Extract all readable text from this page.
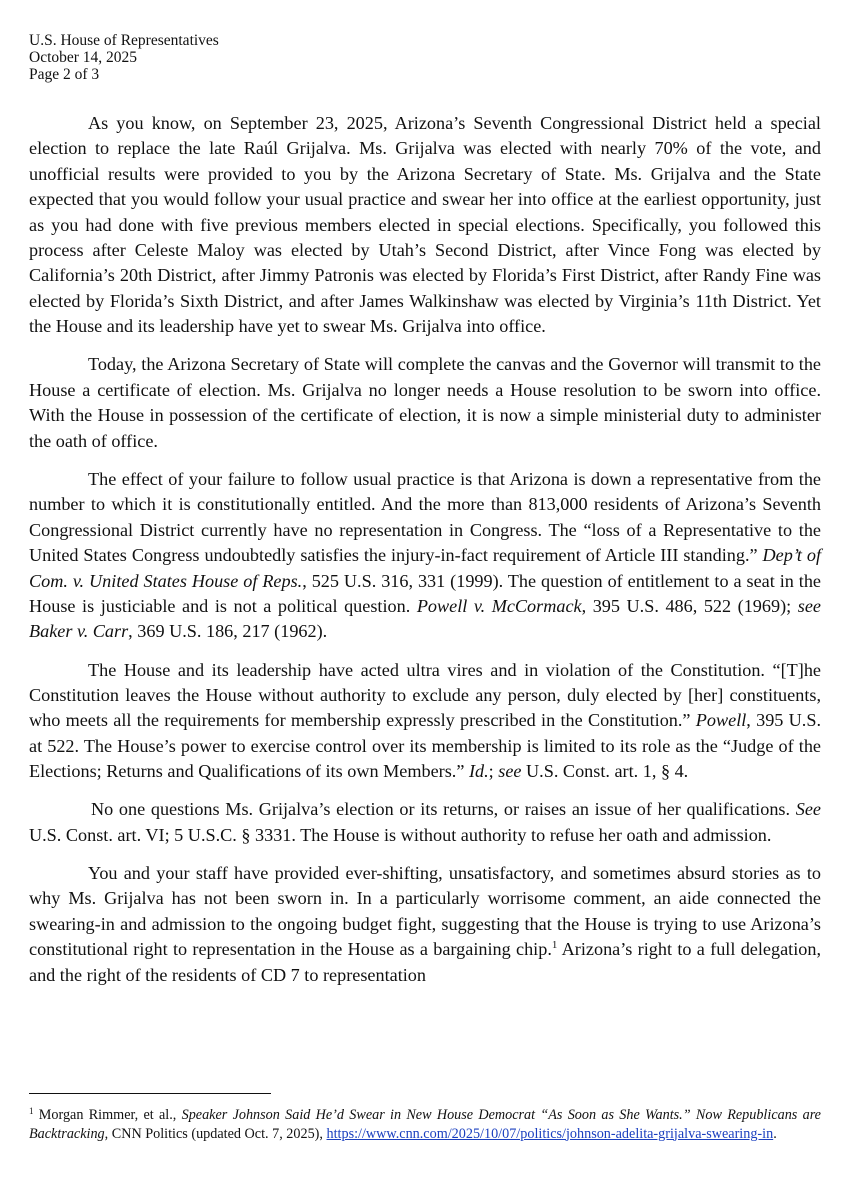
U.S. House of Representatives
October 14, 2025
Page 2 of 3

As you know, on September 23, 2025, Arizona’s Seventh Congressional District held a special election to replace the late Raúl Grijalva. Ms. Grijalva was elected with nearly 70% of the vote, and unofficial results were provided to you by the Arizona Secretary of State. Ms. Grijalva and the State expected that you would follow your usual practice and swear her into office at the earliest opportunity, just as you had done with five previous members elected in special elections. Specifically, you followed this process after Celeste Maloy was elected by Utah’s Second District, after Vince Fong was elected by California’s 20th District, after Jimmy Patronis was elected by Florida’s First District, after Randy Fine was elected by Florida’s Sixth District, and after James Walkinshaw was elected by Virginia’s 11th District. Yet the House and its leadership have yet to swear Ms. Grijalva into office.

Today, the Arizona Secretary of State will complete the canvas and the Governor will transmit to the House a certificate of election. Ms. Grijalva no longer needs a House resolution to be sworn into office. With the House in possession of the certificate of election, it is now a simple ministerial duty to administer the oath of office.

The effect of your failure to follow usual practice is that Arizona is down a representative from the number to which it is constitutionally entitled. And the more than 813,000 residents of Arizona’s Seventh Congressional District currently have no representation in Congress. The “loss of a Representative to the United States Congress undoubtedly satisfies the injury-in-fact requirement of Article III standing.” Dep’t of Com. v. United States House of Reps., 525 U.S. 316, 331 (1999). The question of entitlement to a seat in the House is justiciable and is not a political question. Powell v. McCormack, 395 U.S. 486, 522 (1969); see Baker v. Carr, 369 U.S. 186, 217 (1962).

The House and its leadership have acted ultra vires and in violation of the Constitution. “[T]he Constitution leaves the House without authority to exclude any person, duly elected by [her] constituents, who meets all the requirements for membership expressly prescribed in the Constitution.” Powell, 395 U.S. at 522. The House’s power to exercise control over its membership is limited to its role as the “Judge of the Elections; Returns and Qualifications of its own Members.” Id.; see U.S. Const. art. 1, § 4.

No one questions Ms. Grijalva’s election or its returns, or raises an issue of her qualifications. See U.S. Const. art. VI; 5 U.S.C. § 3331. The House is without authority to refuse her oath and admission.

You and your staff have provided ever-shifting, unsatisfactory, and sometimes absurd stories as to why Ms. Grijalva has not been sworn in. In a particularly worrisome comment, an aide connected the swearing-in and admission to the ongoing budget fight, suggesting that the House is trying to use Arizona’s constitutional right to representation in the House as a bargaining chip.$^1$ Arizona’s right to a full delegation, and the right of the residents of CD 7 to representation

$^1$ Morgan Rimmer, et al., Speaker Johnson Said He’d Swear in New House Democrat “As Soon as She Wants.” Now Republicans are Backtracking, CNN Politics (updated Oct. 7, 2025), https://www.cnn.com/2025/10/07/politics/johnson-adelita-grijalva-swearing-in.
